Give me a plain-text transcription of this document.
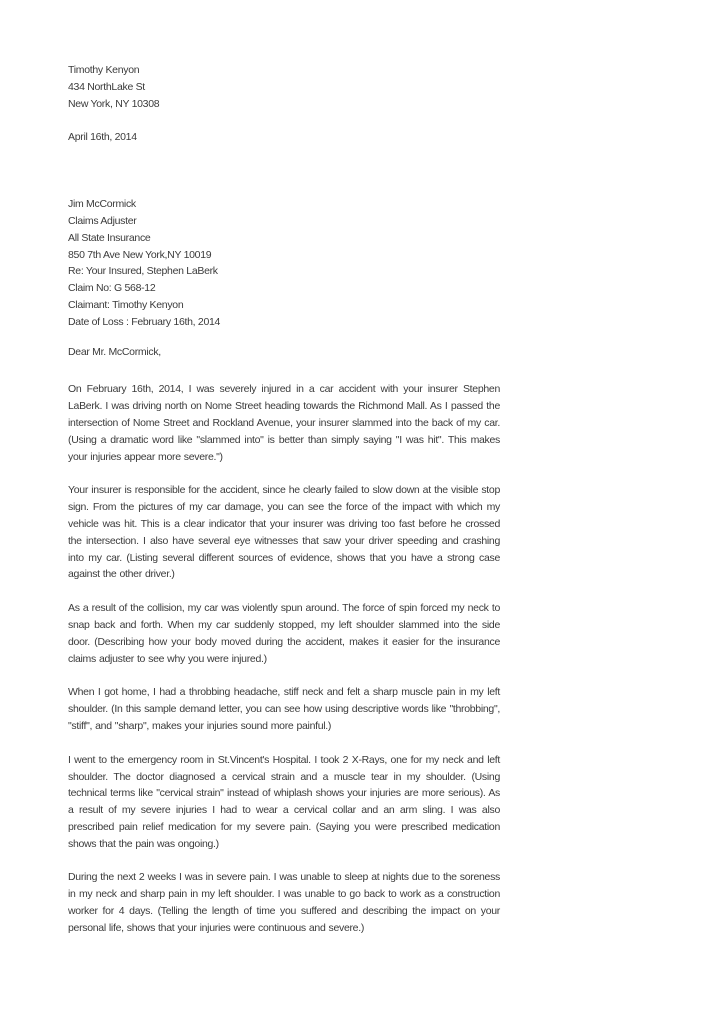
Timothy Kenyon
434 NorthLake St
New York, NY 10308
April 16th, 2014
Jim McCormick
Claims Adjuster
All State Insurance
850 7th Ave New York,NY 10019
Re: Your Insured, Stephen LaBerk
Claim No: G 568-12
Claimant: Timothy Kenyon
Date of Loss : February 16th, 2014
Dear Mr. McCormick,

On February 16th, 2014, I was severely injured in a car accident with your insurer Stephen LaBerk. I was driving north on Nome Street heading towards the Richmond Mall. As I passed the intersection of Nome Street and Rockland Avenue, your insurer slammed into the back of my car. (Using a dramatic word like "slammed into" is better than simply saying "I was hit". This makes your injuries appear more severe.")

Your insurer is responsible for the accident, since he clearly failed to slow down at the visible stop sign. From the pictures of my car damage, you can see the force of the impact with which my vehicle was hit. This is a clear indicator that your insurer was driving too fast before he crossed the intersection. I also have several eye witnesses that saw your driver speeding and crashing into my car. (Listing several different sources of evidence, shows that you have a strong case against the other driver.)

As a result of the collision, my car was violently spun around. The force of spin forced my neck to snap back and forth. When my car suddenly stopped, my left shoulder slammed into the side door. (Describing how your body moved during the accident, makes it easier for the insurance claims adjuster to see why you were injured.)

When I got home, I had a throbbing headache, stiff neck and felt a sharp muscle pain in my left shoulder. (In this sample demand letter, you can see how using descriptive words like "throbbing", "stiff", and "sharp", makes your injuries sound more painful.)

I went to the emergency room in St.Vincent's Hospital. I took 2 X-Rays, one for my neck and left shoulder. The doctor diagnosed a cervical strain and a muscle tear in my shoulder. (Using technical terms like "cervical strain" instead of whiplash shows your injuries are more serious). As a result of my severe injuries I had to wear a cervical collar and an arm sling. I was also prescribed pain relief medication for my severe pain. (Saying you were prescribed medication shows that the pain was ongoing.)

During the next 2 weeks I was in severe pain. I was unable to sleep at nights due to the soreness in my neck and sharp pain in my left shoulder. I was unable to go back to work as a construction worker for 4 days. (Telling the length of time you suffered and describing the impact on your personal life, shows that your injuries were continuous and severe.)
